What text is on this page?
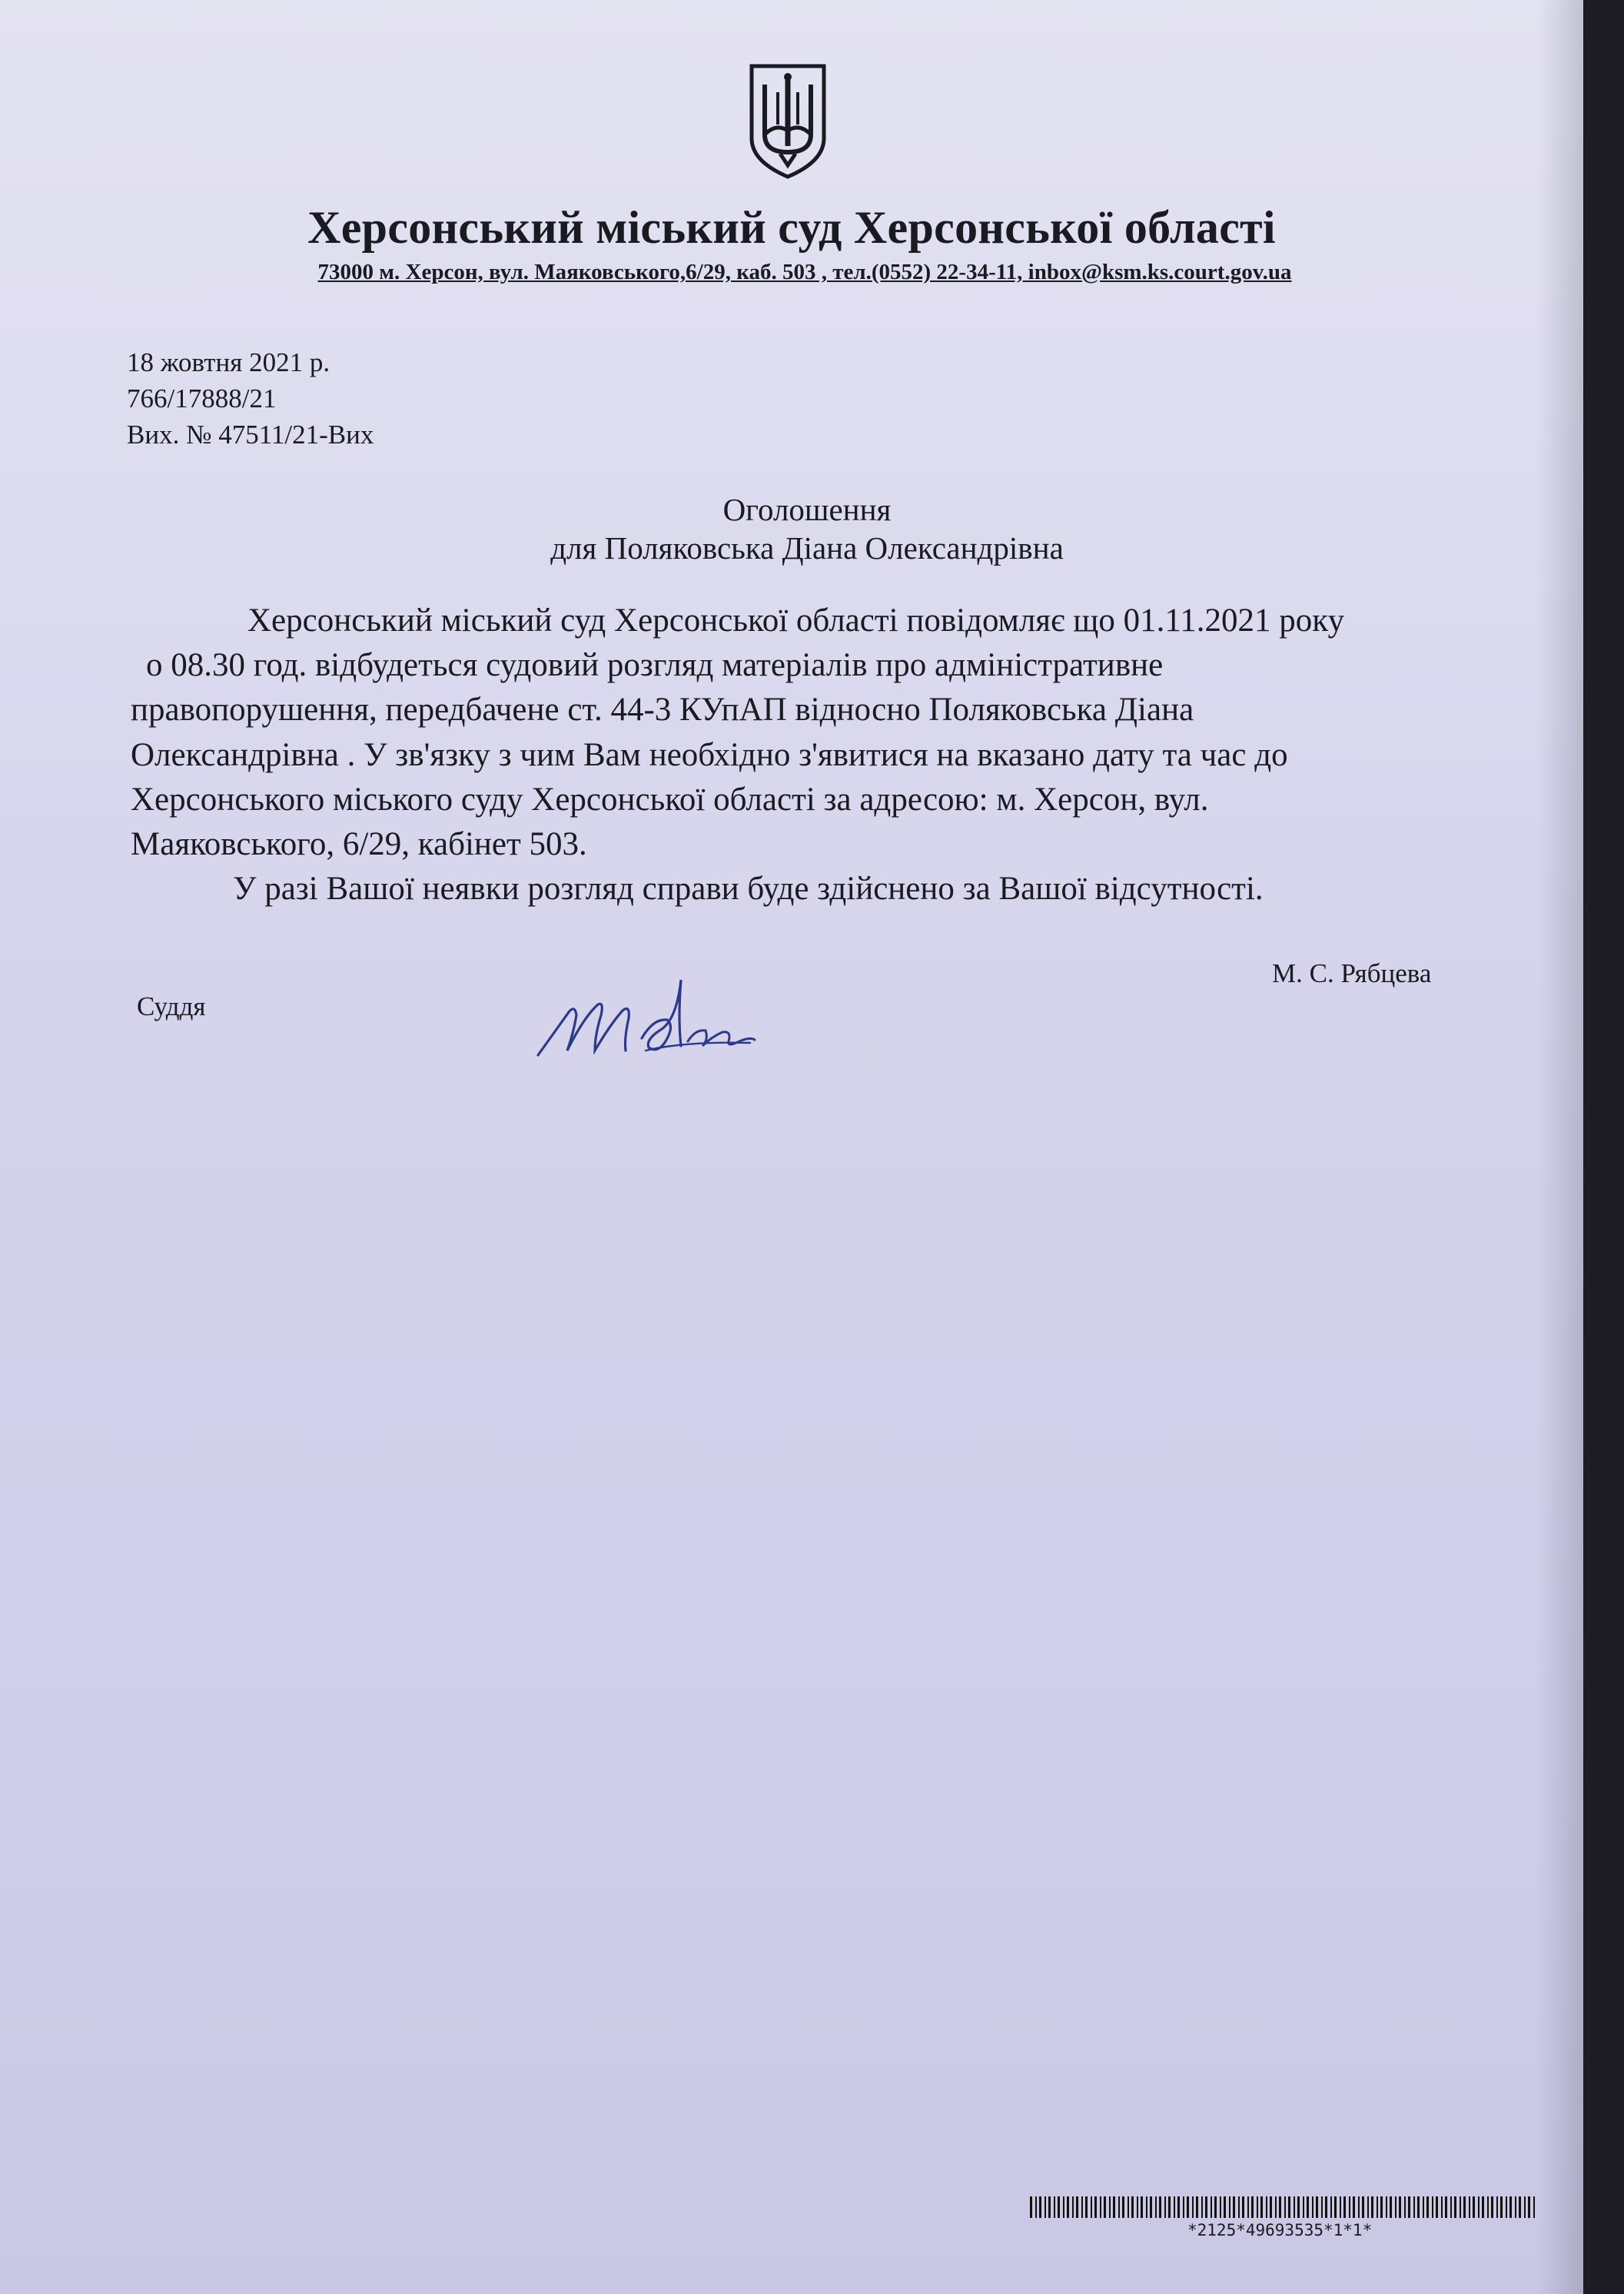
Херсонський міський суд Херсонської області
73000 м. Херсон, вул. Маяковського,6/29, каб. 503 , тел.(0552) 22-34-11, inbox@ksm.ks.court.gov.ua
18 жовтня 2021 р.
766/17888/21
Вих. № 47511/21-Вих
Оголошення
для Поляковська Діана Олександрівна
Херсонський міський суд Херсонської області повідомляє що 01.11.2021 року
о 08.30 год. відбудеться судовий розгляд матеріалів про адміністративне
правопорушення, передбачене ст. 44-3 КУпАП відносно Поляковська Діана
Олександрівна . У зв'язку з чим Вам необхідно з'явитися на вказано дату та час до
Херсонського міського суду Херсонської області за адресою: м. Херсон, вул.
Маяковського, 6/29, кабінет 503.
У разі Вашої неявки розгляд справи буде здійснено за Вашої відсутності.
М. С. Рябцева
Суддя
*2125*49693535*1*1*
